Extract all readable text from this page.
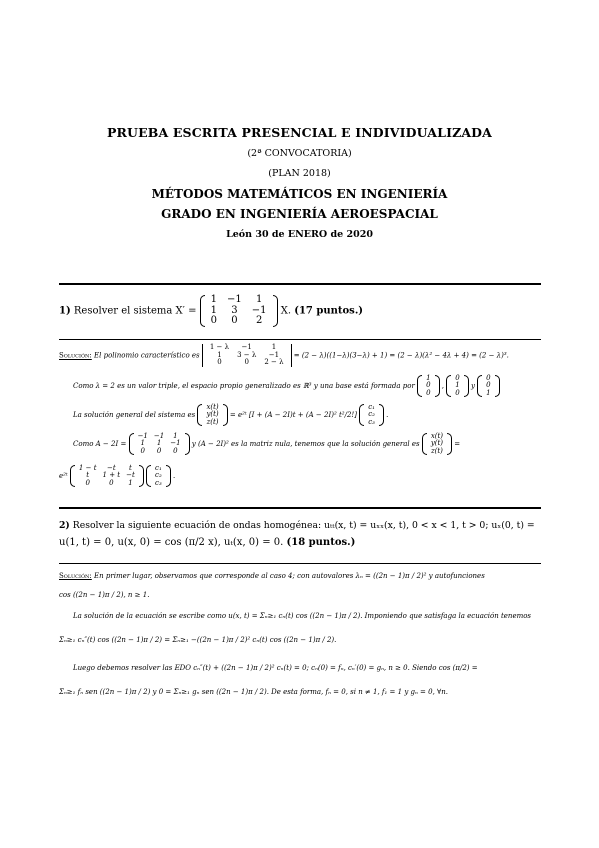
PRUEBA ESCRITA PRESENCIAL E INDIVIDUALIZADA
(2ª CONVOCATORIA)
(PLAN 2018)
MÉTODOS MATEMÁTICOS EN INGENIERÍA
GRADO EN INGENIERÍA AEROESPACIAL
León 30 de ENERO de 2020
1) Resolver el sistema X′ =
1	−1	1
1	3	−1
0	0	2
X. (17 puntos.)
Solución: El polinomio característico es
1 − λ	−1	1
1	3 − λ	−1
0	0	2 − λ
= (2 − λ)((1−λ)(3−λ) + 1) = (2 − λ)(λ² − 4λ + 4) = (2 − λ)³.
Como λ = 2 es un valor triple, el espacio propio generalizado es ℝ³ y una base está formada por
1
0
0
,
0
1
0
y
0
0
1
La solución general del sistema es
x(t)
y(t)
z(t)
= e²ᵗ [I + (A − 2I)t + (A − 2I)² t²/2!]
c₁
c₂
c₃
.
Como A − 2I =
−1	−1	1
1	1	−1
0	0	0
y (A − 2I)² es la matriz nula, tenemos que la solución general es
x(t)
y(t)
z(t)
=
e²ᵗ
1 − t	−t	t
t	1 + t	−t
0	0	1

c₁
c₂
c₃
.
2) Resolver la siguiente ecuación de ondas homogénea: uₜₜ(x, t) = uₓₓ(x, t), 0 < x < 1, t > 0; uₓ(0, t) =
u(1, t) = 0, u(x, 0) = cos (π/2 x), uₜ(x, 0) = 0. (18 puntos.)
Solución: En primer lugar, observamos que corresponde al caso 4; con autovalores λₙ = ((2n − 1)π / 2)² y autofunciones
cos ((2n − 1)π / 2), n ≥ 1.
La solución de la ecuación se escribe como u(x, t) = Σₙ≥₁ cₙ(t) cos ((2n − 1)π / 2). Imponiendo que satisfaga la ecuación tenemos
Σₙ≥₁ cₙ″(t) cos ((2n − 1)π / 2) = Σₙ≥₁ −((2n − 1)π / 2)² cₙ(t) cos ((2n − 1)π / 2).
Luego debemos resolver las EDO cₙ″(t) + ((2n − 1)π / 2)² cₙ(t) = 0; cₙ(0) = fₙ, cₙ′(0) = gₙ, n ≥ 0. Siendo cos (π/2) =
Σₙ≥₁ fₙ sen ((2n − 1)π / 2) y 0 = Σₙ≥₁ gₙ sen ((2n − 1)π / 2). De esta forma, fₙ = 0, si n ≠ 1, f₁ = 1 y gₙ = 0, ∀n.
